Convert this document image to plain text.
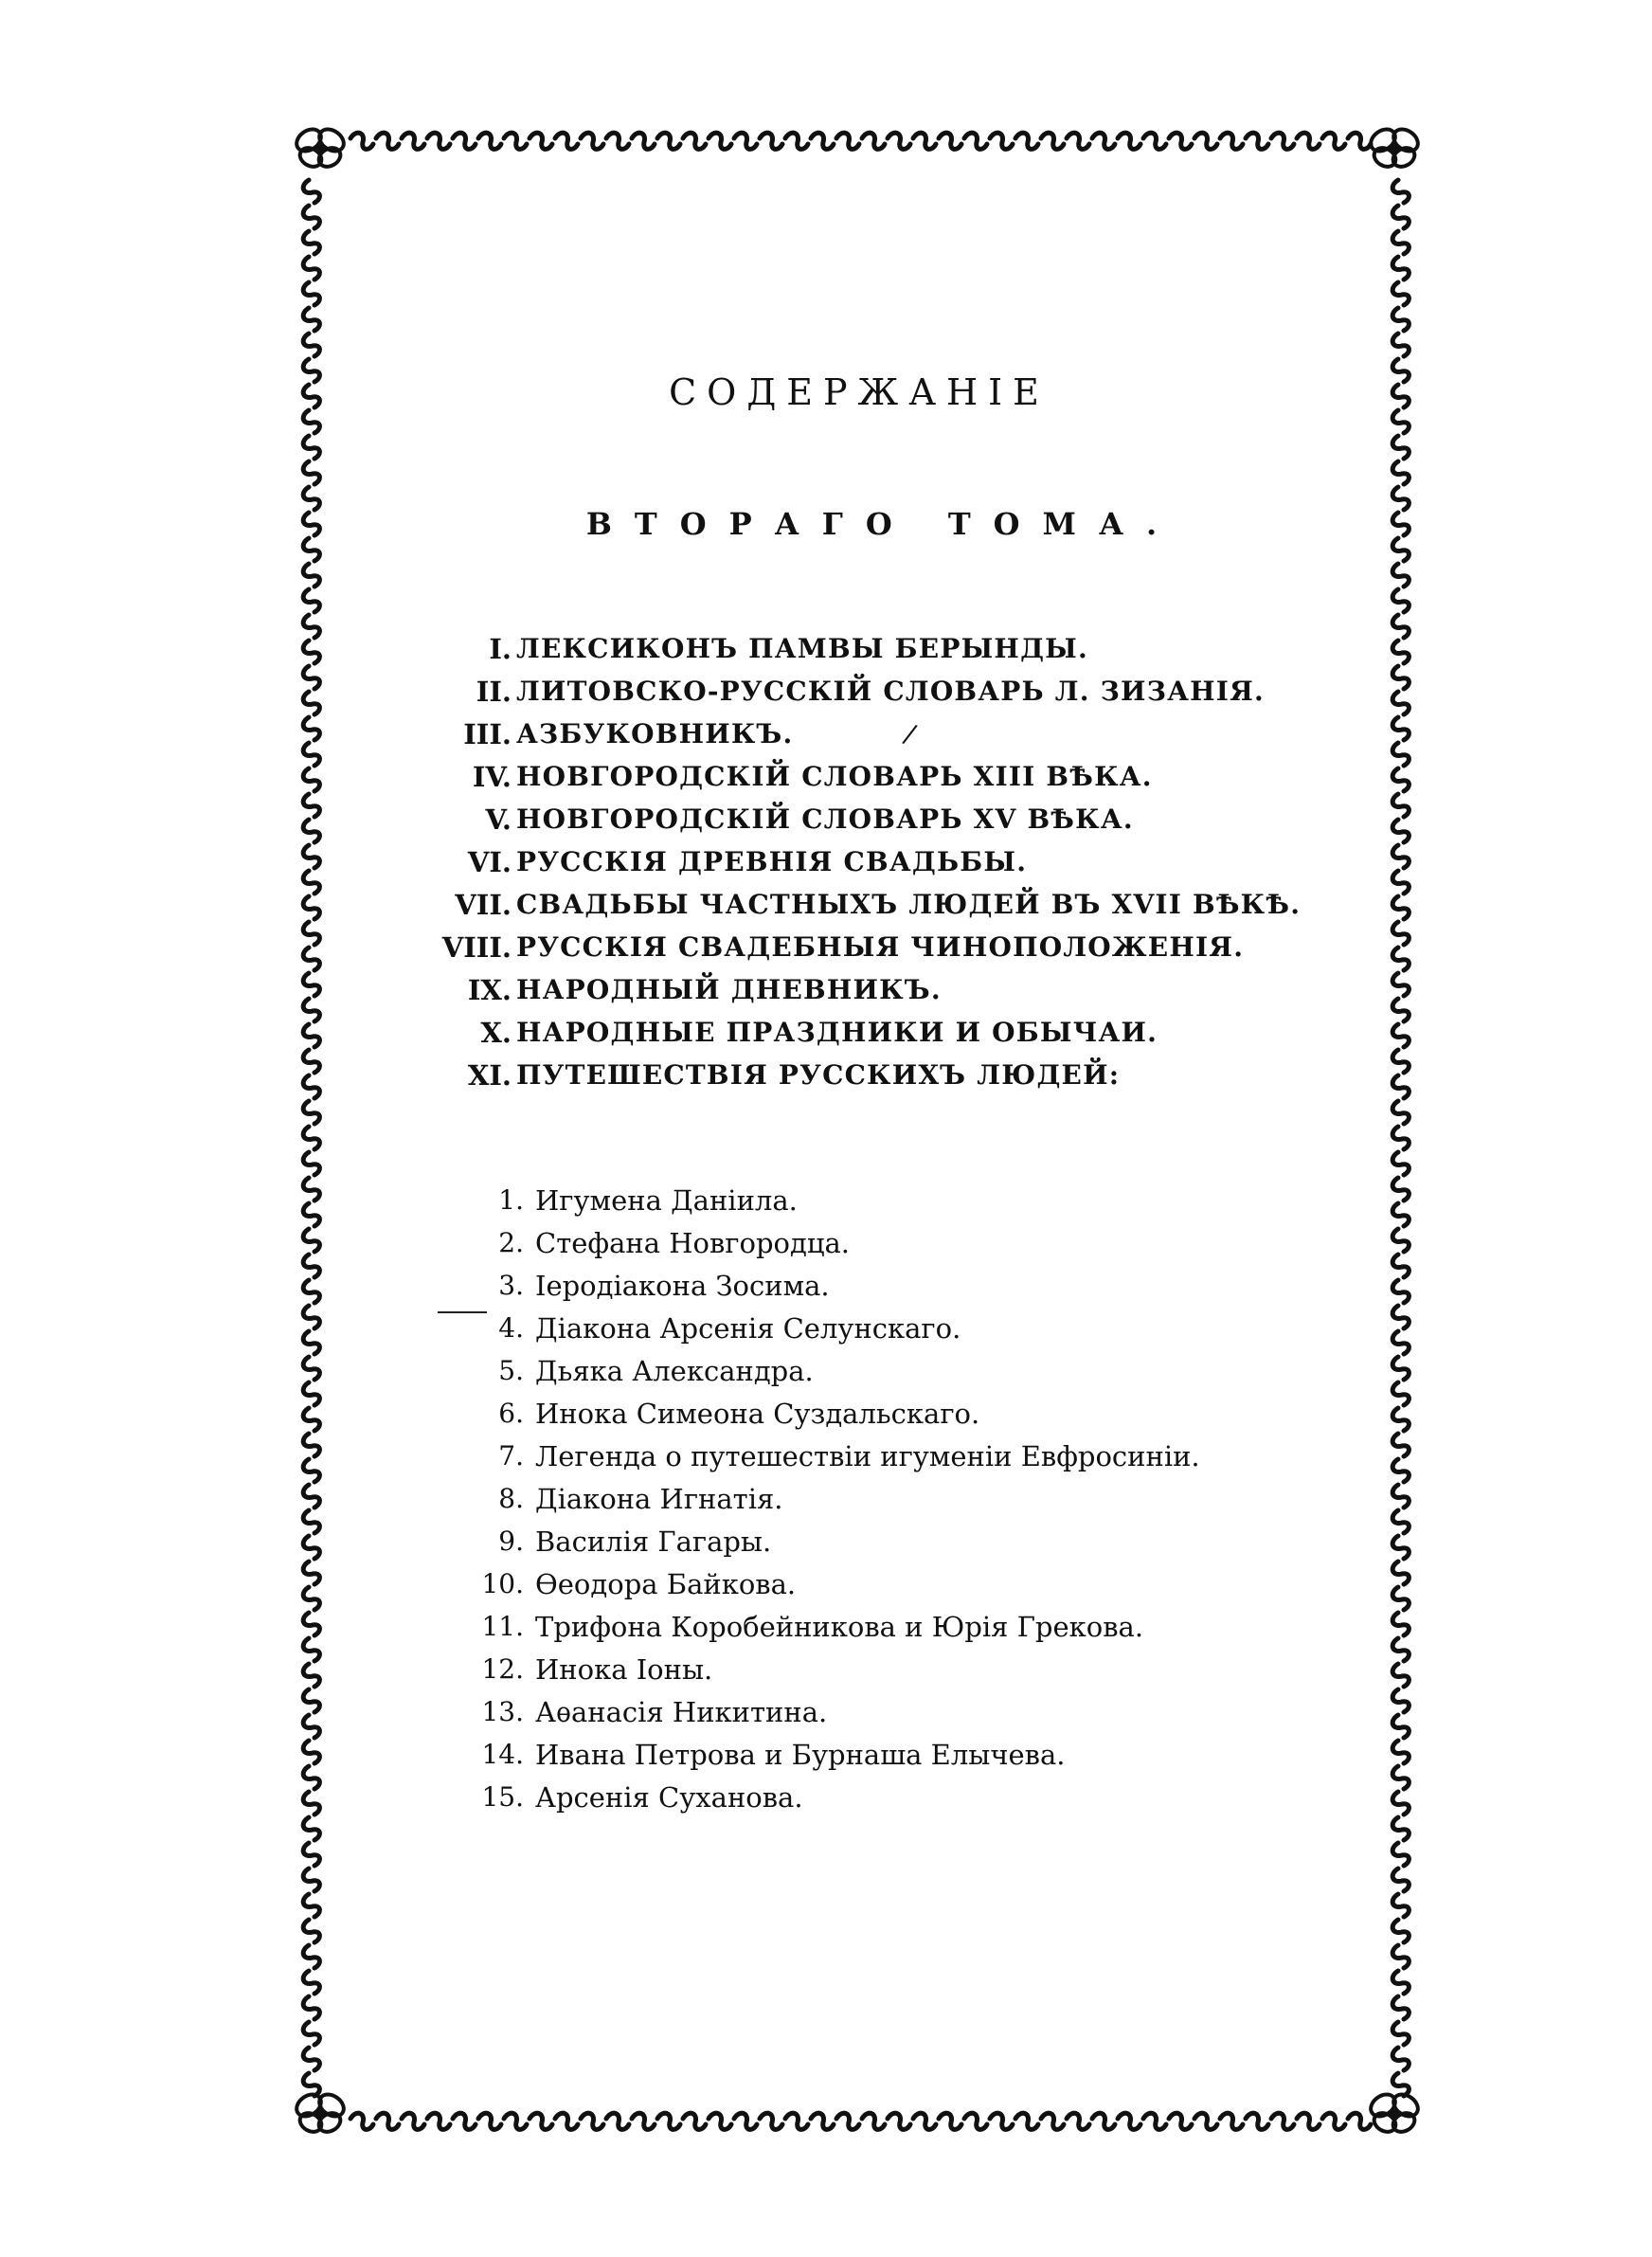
СОДЕРЖАНIЕ
ВТОРАГО ТОМА.
I. ЛЕКСИКОНЪ ПАМВЫ БЕРЫНДЫ.
II. ЛИТОВСКО-РУССКIЙ СЛОВАРЬ Л. ЗИЗАНIЯ.
III. АЗБУКОВНИКЪ.
IV. НОВГОРОДСКIЙ СЛОВАРЬ XIII ВѢКА.
V. НОВГОРОДСКIЙ СЛОВАРЬ XV ВѢКА.
VI. РУССКIЯ ДРЕВНIЯ СВАДЬБЫ.
VII. СВАДЬБЫ ЧАСТНЫХЪ ЛЮДЕЙ ВЪ XVII ВѢКѢ.
VIII. РУССКIЯ СВАДЕБНЫЯ ЧИНОПОЛОЖЕНIЯ.
IX. НАРОДНЫЙ ДНЕВНИКЪ.
X. НАРОДНЫЕ ПРАЗДНИКИ И ОБЫЧАИ.
XI. ПУТЕШЕСТВIЯ РУССКИХЪ ЛЮДЕЙ:
/
1. Игумена Данiила.
2. Стефана Новгородца.
3. Iеродiакона Зосима.
4. Дiакона Арсенiя Селунскаго.
5. Дьяка Александра.
6. Инока Симеона Суздальскаго.
7. Легенда о путешествiи игуменiи Евфросинiи.
8. Дiакона Игнатiя.
9. Василiя Гагары.
10. Ѳеодора Байкова.
11. Трифона Коробейникова и Юрiя Грекова.
12. Инока Iоны.
13. Аѳанасiя Никитина.
14. Ивана Петрова и Бурнаша Елычева.
15. Арсенiя Суханова.
